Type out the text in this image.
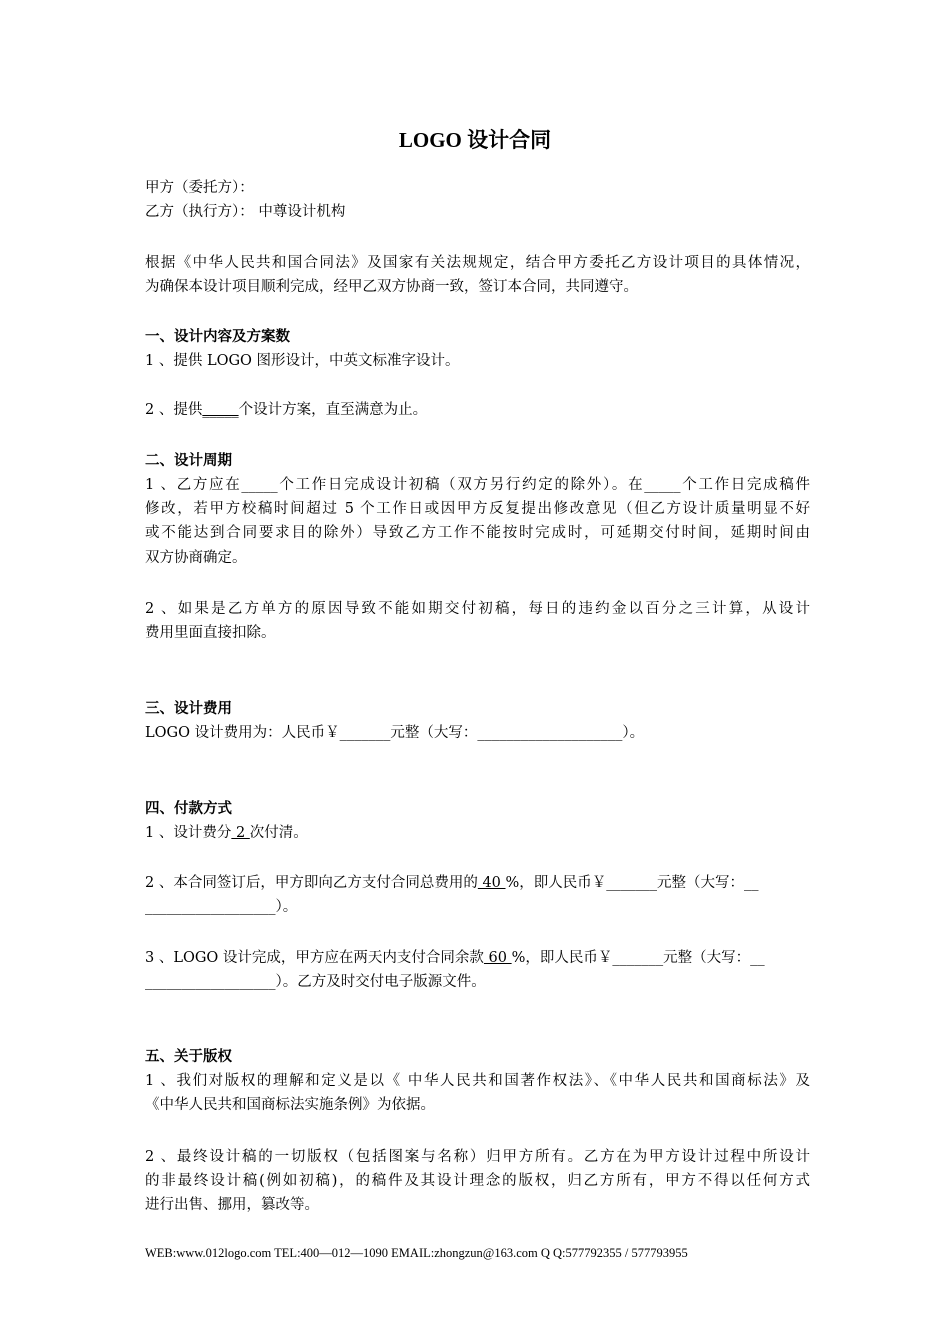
LOGO 设计合同
甲方（委托方）：
乙方（执行方）： 中尊设计机构
根据《中华人民共和国合同法》及国家有关法规规定，结合甲方委托乙方设计项目的具体情况，
为确保本设计项目顺利完成，经甲乙双方协商一致，签订本合同，共同遵守。
一、设计内容及方案数
1 、提供 LOGO 图形设计，中英文标准字设计。
2 、提供_____个设计方案，直至满意为止。
二、设计周期
1 、乙方应在_____个工作日完成设计初稿（双方另行约定的除外）。在_____个工作日完成稿件
修改，若甲方校稿时间超过 5 个工作日或因甲方反复提出修改意见（但乙方设计质量明显不好
或不能达到合同要求目的除外）导致乙方工作不能按时完成时，可延期交付时间，延期时间由
双方协商确定。
2 、如果是乙方单方的原因导致不能如期交付初稿，每日的违约金以百分之三计算，从设计
费用里面直接扣除。
三、设计费用
LOGO 设计费用为：人民币￥_______元整（大写：____________________）。
四、付款方式
1 、设计费分 2 次付清。
2 、本合同签订后，甲方即向乙方支付合同总费用的 40 %，即人民币￥_______元整（大写：__
__________________）。
3 、LOGO 设计完成，甲方应在两天内支付合同余款 60 %，即人民币￥_______元整（大写：__
__________________）。乙方及时交付电子版源文件。
五、关于版权
1 、我们对版权的理解和定义是以《 中华人民共和国著作权法》、《中华人民共和国商标法》及
《中华人民共和国商标法实施条例》为依据。
2 、最终设计稿的一切版权（包括图案与名称）归甲方所有。乙方在为甲方设计过程中所设计
的非最终设计稿(例如初稿)，的稿件及其设计理念的版权，归乙方所有，甲方不得以任何方式
进行出售、挪用，篡改等。
WEB:www.012logo.com TEL:400—012—1090 EMAIL:zhongzun@163.com Q Q:577792355 / 577793955
